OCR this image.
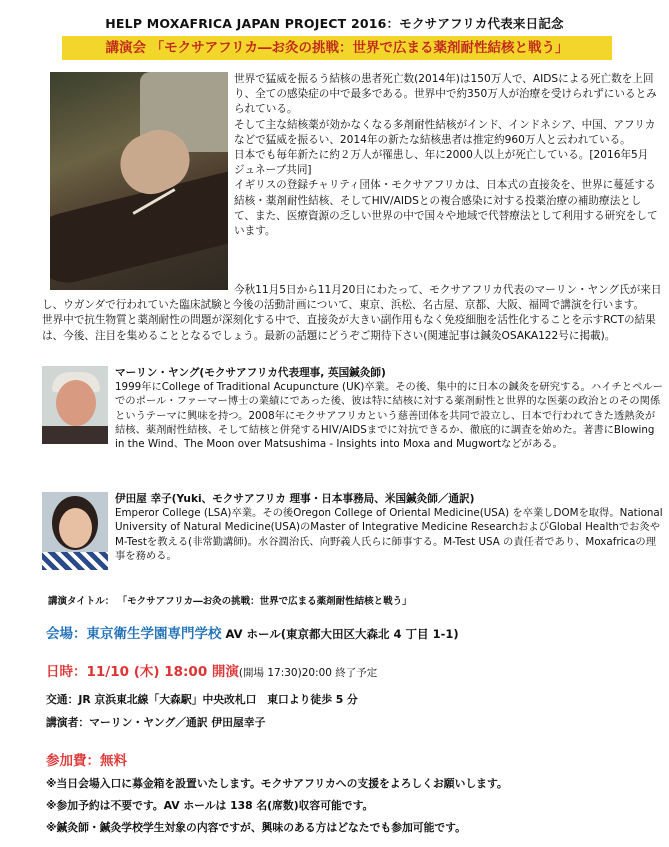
HELP MOXAFRICA JAPAN PROJECT 2016：モクサアフリカ代表来日記念
講演会 「モクサアフリカ―お灸の挑戦：世界で広まる薬剤耐性結核と戦う」
世界で猛威を振るう結核の患者死亡数(2014年)は150万人で、AIDSによる死亡数を上回り、全ての感染症の中で最多である。世界中で約350万人が治療を受けられずにいるとみられている。
そして主な結核薬が効かなくなる多剤耐性結核がインド、インドネシア、中国、アフリカなどで猛威を振るい、2014年の新たな結核患者は推定約960万人と云われている。
日本でも毎年新たに約２万人が罹患し、年に2000人以上が死亡している。[2016年5月 ジュネーブ共同]
イギリスの登録チャリティ団体・モクサアフリカは、日本式の直接灸を、世界に蔓延する結核・薬剤耐性結核、そしてHIV/AIDSとの複合感染に対する投薬治療の補助療法として、また、医療資源の乏しい世界の中で国々や地域で代替療法として利用する研究をしています。
今秋11月5日から11月20日にわたって、モクサアフリカ代表のマーリン・ヤング氏が来日し、ウガンダで行われていた臨床試験と今後の活動計画について、東京、浜松、名古屋、京都、大阪、福岡で講演を行います。
世界中で抗生物質と薬剤耐性の問題が深刻化する中で、直接灸が大きい副作用もなく免疫細胞を活性化することを示すRCTの結果は、今後、注目を集めることとなるでしょう。最新の話題にどうぞご期待下さい(関連記事は鍼灸OSAKA122号に掲載)。
マーリン・ヤング(モクサアフリカ代表理事, 英国鍼灸師)
1999年にCollege of Traditional Acupuncture (UK)卒業。その後、集中的に日本の鍼灸を研究する。ハイチとペルーでのポール・ファーマー博士の業績にであった後、彼は特に結核に対する薬剤耐性と世界的な医薬の政治とのその関係というテーマに興味を持つ。2008年にモクサアフリカという慈善団体を共同で設立し、日本で行われてきた透熱灸が結核、薬剤耐性結核、そして結核と併発するHIV/AIDSまでに対抗できるか、徹底的に調査を始めた。著書にBlowing in the Wind、The Moon over Matsushima - Insights into Moxa and Mugwortなどがある。
伊田屋 幸子(Yuki、モクサアフリカ 理事・日本事務局、米国鍼灸師／通訳)
Emperor College (LSA)卒業。その後Oregon College of Oriental Medicine(USA) を卒業しDOMを取得。National University of Natural Medicine(USA)のMaster of Integrative Medicine ResearchおよびGlobal Healthでお灸やM-Testを教える(非常勤講師)。水谷潤治氏、向野義人氏らに師事する。M-Test USA の責任者であり、Moxafricaの理事を務める。
講演タイトル： 「モクサアフリカ―お灸の挑戦：世界で広まる薬剤耐性結核と戦う」
会場：東京衛生学園専門学校 AV ホール(東京都大田区大森北 4 丁目 1-1)
日時：11/10 (木) 18:00 開演(開場 17:30)20:00 終了予定
交通：JR 京浜東北線「大森駅」中央改札口　東口より徒歩 5 分
講演者：マーリン・ヤング／通訳 伊田屋幸子
参加費：無料
※当日会場入口に募金箱を設置いたします。モクサアフリカへの支援をよろしくお願いします。
※参加予約は不要です。AV ホールは 138 名(席数)収容可能です。
※鍼灸師・鍼灸学校学生対象の内容ですが、興味のある方はどなたでも参加可能です。
